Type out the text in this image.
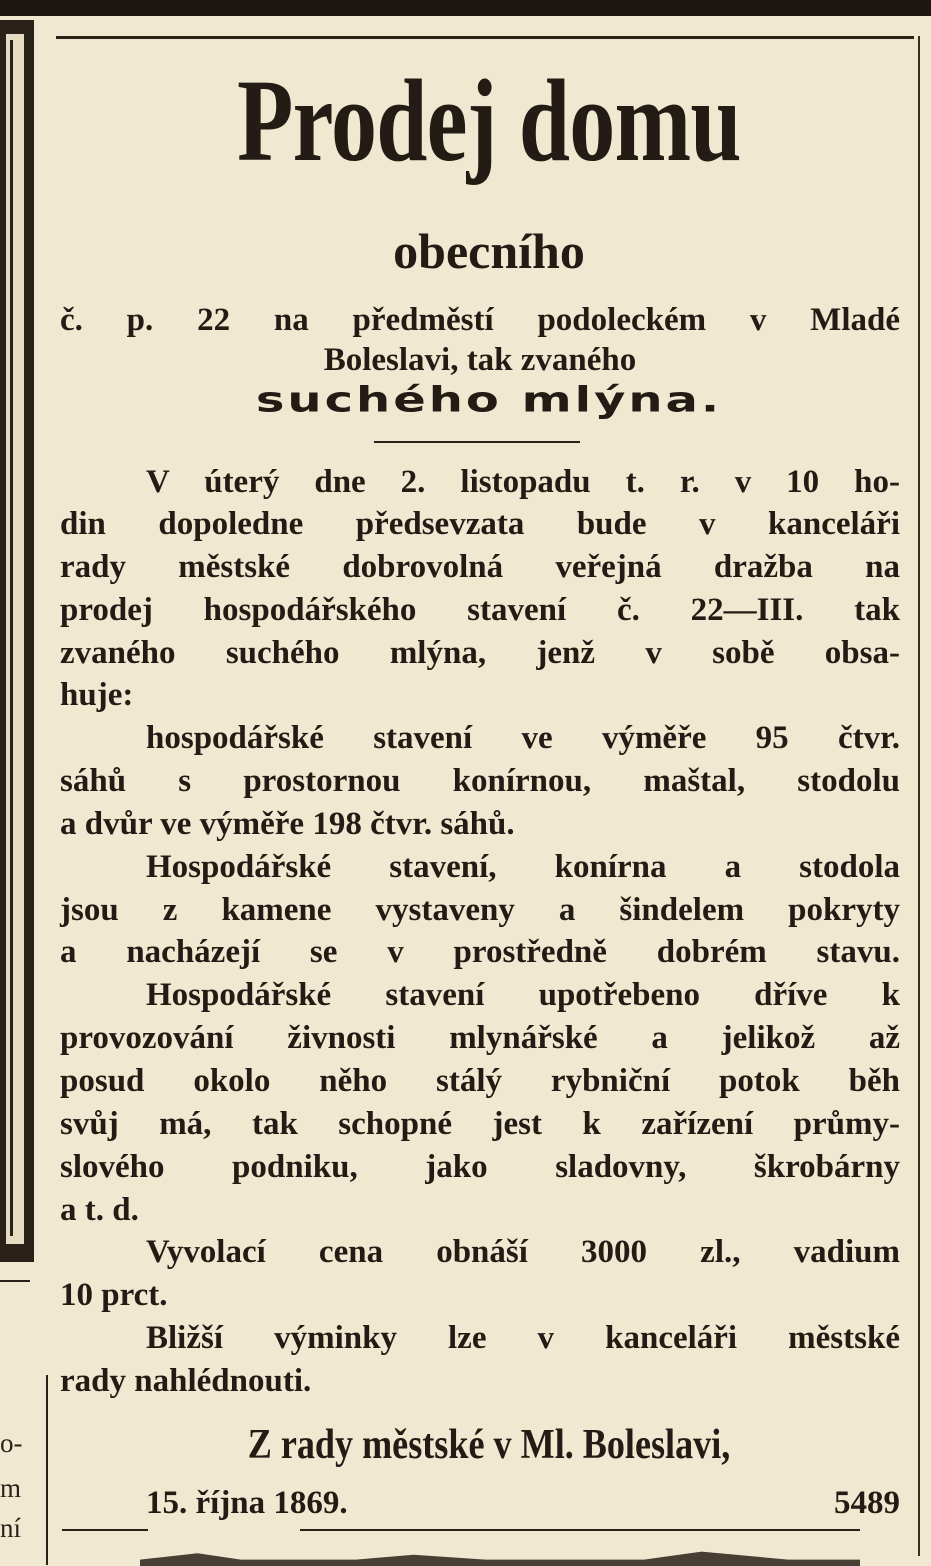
o-
m
ní
Prodej domu
obecního
č. p. 22 na předměstí podoleckém v Mladé
Boleslavi, tak zvaného
suchého mlýna.
V úterý dne 2. listopadu t. r. v 10 ho-
din dopoledne předsevzata bude v kanceláři
rady městské dobrovolná veřejná dražba na
prodej hospodářského stavení č. 22—III. tak
zvaného suchého mlýna, jenž v sobě obsa-
huje:
hospodářské stavení ve výměře 95 čtvr.
sáhů s prostornou konírnou, maštal, stodolu
a dvůr ve výměře 198 čtvr. sáhů.
Hospodářské stavení, konírna a stodola
jsou z kamene vystaveny a šindelem pokryty
a nacházejí se v prostředně dobrém stavu.
Hospodářské stavení upotřebeno dříve k
provozování živnosti mlynářské a jelikož až
posud okolo něho stálý rybniční potok běh
svůj má, tak schopné jest k zařízení průmy-
slového podniku, jako sladovny, škrobárny
a t. d.
Vyvolací cena obnáší 3000 zl., vadium
10 prct.
Bližší výminky lze v kanceláři městské
rady nahlédnouti.
Z rady městské v Ml. Boleslavi,
15. října 1869.	5489
